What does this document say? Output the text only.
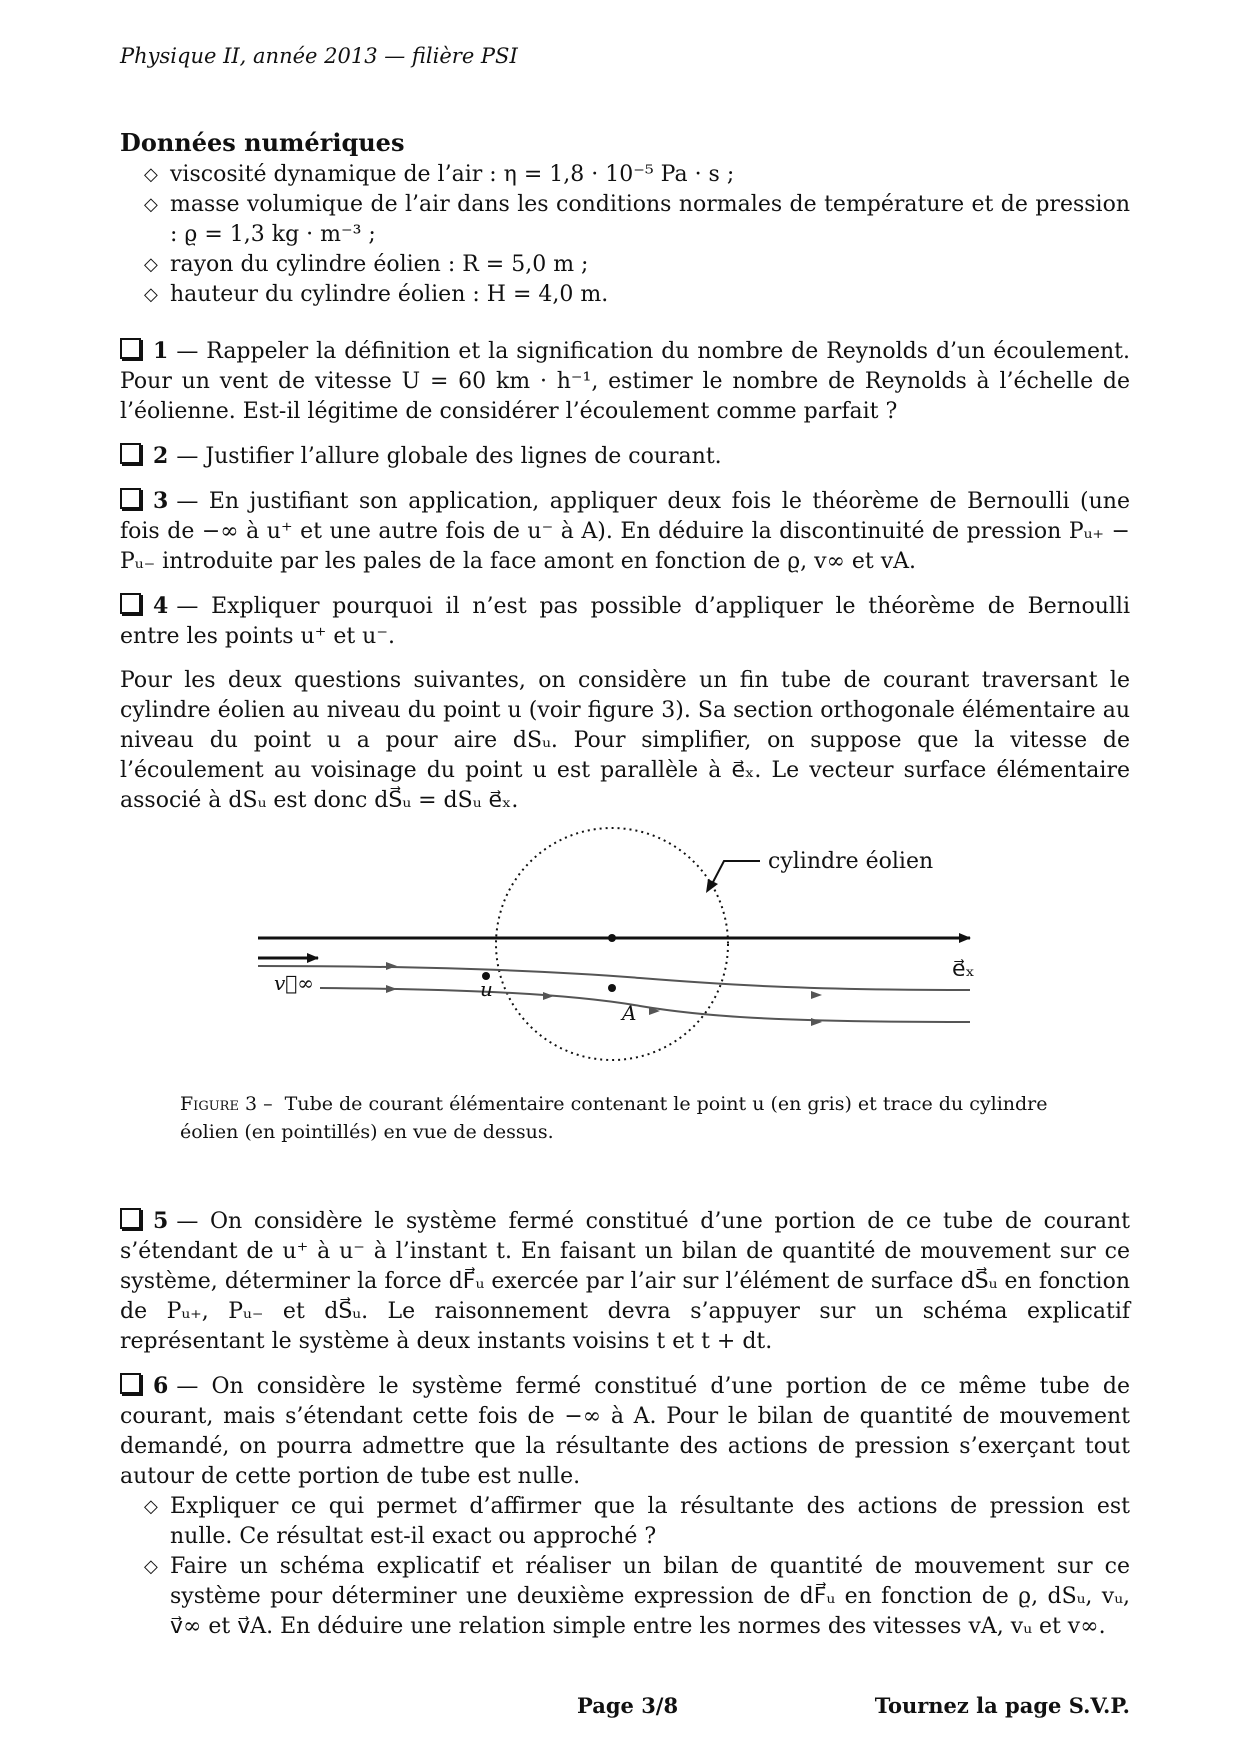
Physique II, année 2013 — filière PSI
Données numériques
◇ viscosité dynamique de l’air : η = 1,8 · 10⁻⁵ Pa · s ;
◇ masse volumique de l’air dans les conditions normales de température et de pression : ϱ = 1,3 kg · m⁻³ ;
◇ rayon du cylindre éolien : R = 5,0 m ;
◇ hauteur du cylindre éolien : H = 4,0 m.
1 — Rappeler la définition et la signification du nombre de Reynolds d’un écoulement. Pour un vent de vitesse U = 60 km · h⁻¹, estimer le nombre de Reynolds à l’échelle de l’éolienne. Est-il légitime de considérer l’écoulement comme parfait ?
2 — Justifier l’allure globale des lignes de courant.
3 — En justifiant son application, appliquer deux fois le théorème de Bernoulli (une fois de −∞ à u⁺ et une autre fois de u⁻ à A). En déduire la discontinuité de pression Pᵤ₊ − Pᵤ₋ introduite par les pales de la face amont en fonction de ϱ, v∞ et vA.
4 — Expliquer pourquoi il n’est pas possible d’appliquer le théorème de Bernoulli entre les points u⁺ et u⁻.
Pour les deux questions suivantes, on considère un fin tube de courant traversant le cylindre éolien au niveau du point u (voir figure 3). Sa section orthogonale élémentaire au niveau du point u a pour aire dSᵤ. Pour simplifier, on suppose que la vitesse de l’écoulement au voisinage du point u est parallèle à e⃗ₓ. Le vecteur surface élémentaire associé à dSᵤ est donc dS⃗ᵤ = dSᵤ e⃗ₓ.
cylindre éolien
e⃗ₓ
v⃗∞	u
A
Figure 3 – Tube de courant élémentaire contenant le point u (en gris) et trace du cylindre éolien (en pointillés) en vue de dessus.
5 — On considère le système fermé constitué d’une portion de ce tube de courant s’étendant de u⁺ à u⁻ à l’instant t. En faisant un bilan de quantité de mouvement sur ce système, déterminer la force dF⃗ᵤ exercée par l’air sur l’élément de surface dS⃗ᵤ en fonction de Pᵤ₊, Pᵤ₋ et dS⃗ᵤ. Le raisonnement devra s’appuyer sur un schéma explicatif représentant le système à deux instants voisins t et t + dt.
6 — On considère le système fermé constitué d’une portion de ce même tube de courant, mais s’étendant cette fois de −∞ à A. Pour le bilan de quantité de mouvement demandé, on pourra admettre que la résultante des actions de pression s’exerçant tout autour de cette portion de tube est nulle.
◇ Expliquer ce qui permet d’affirmer que la résultante des actions de pression est nulle. Ce résultat est-il exact ou approché ?
◇ Faire un schéma explicatif et réaliser un bilan de quantité de mouvement sur ce système pour déterminer une deuxième expression de dF⃗ᵤ en fonction de ϱ, dSᵤ, vᵤ, v⃗∞ et v⃗A. En déduire une relation simple entre les normes des vitesses vA, vᵤ et v∞.
Page 3/8	Tournez la page S.V.P.
